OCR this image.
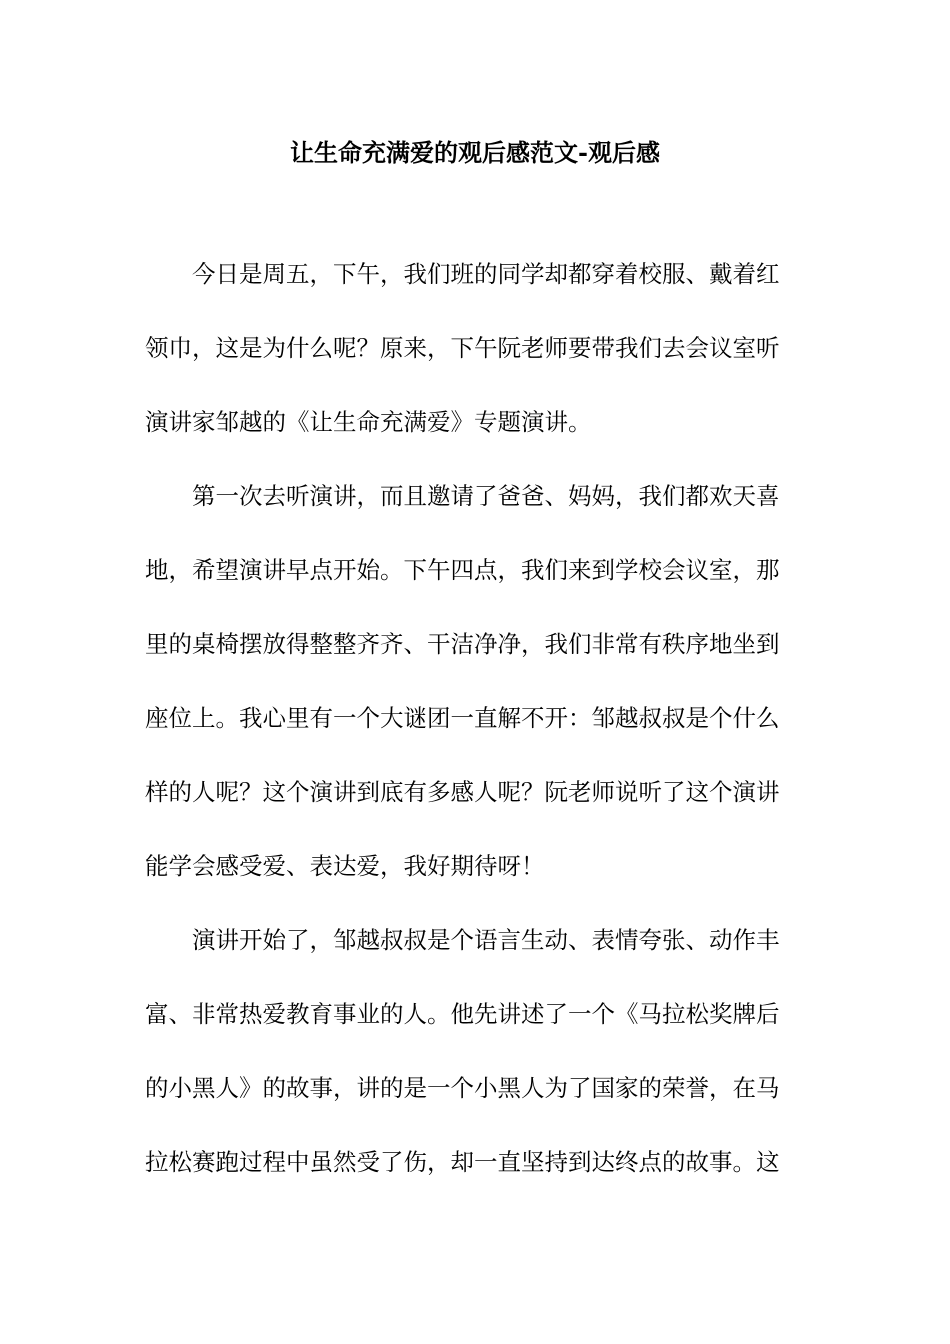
让生命充满爱的观后感范文-观后感
今日是周五，下午，我们班的同学却都穿着校服、戴着红
领巾，这是为什么呢？原来，下午阮老师要带我们去会议室听
演讲家邹越的《让生命充满爱》专题演讲。
第一次去听演讲，而且邀请了爸爸、妈妈，我们都欢天喜
地，希望演讲早点开始。下午四点，我们来到学校会议室，那
里的桌椅摆放得整整齐齐、干洁净净，我们非常有秩序地坐到
座位上。我心里有一个大谜团一直解不开：邹越叔叔是个什么
样的人呢？这个演讲到底有多感人呢？阮老师说听了这个演讲
能学会感受爱、表达爱，我好期待呀！
演讲开始了，邹越叔叔是个语言生动、表情夸张、动作丰
富、非常热爱教育事业的人。他先讲述了一个《马拉松奖牌后
的小黑人》的故事，讲的是一个小黑人为了国家的荣誉，在马
拉松赛跑过程中虽然受了伤，却一直坚持到达终点的故事。这
